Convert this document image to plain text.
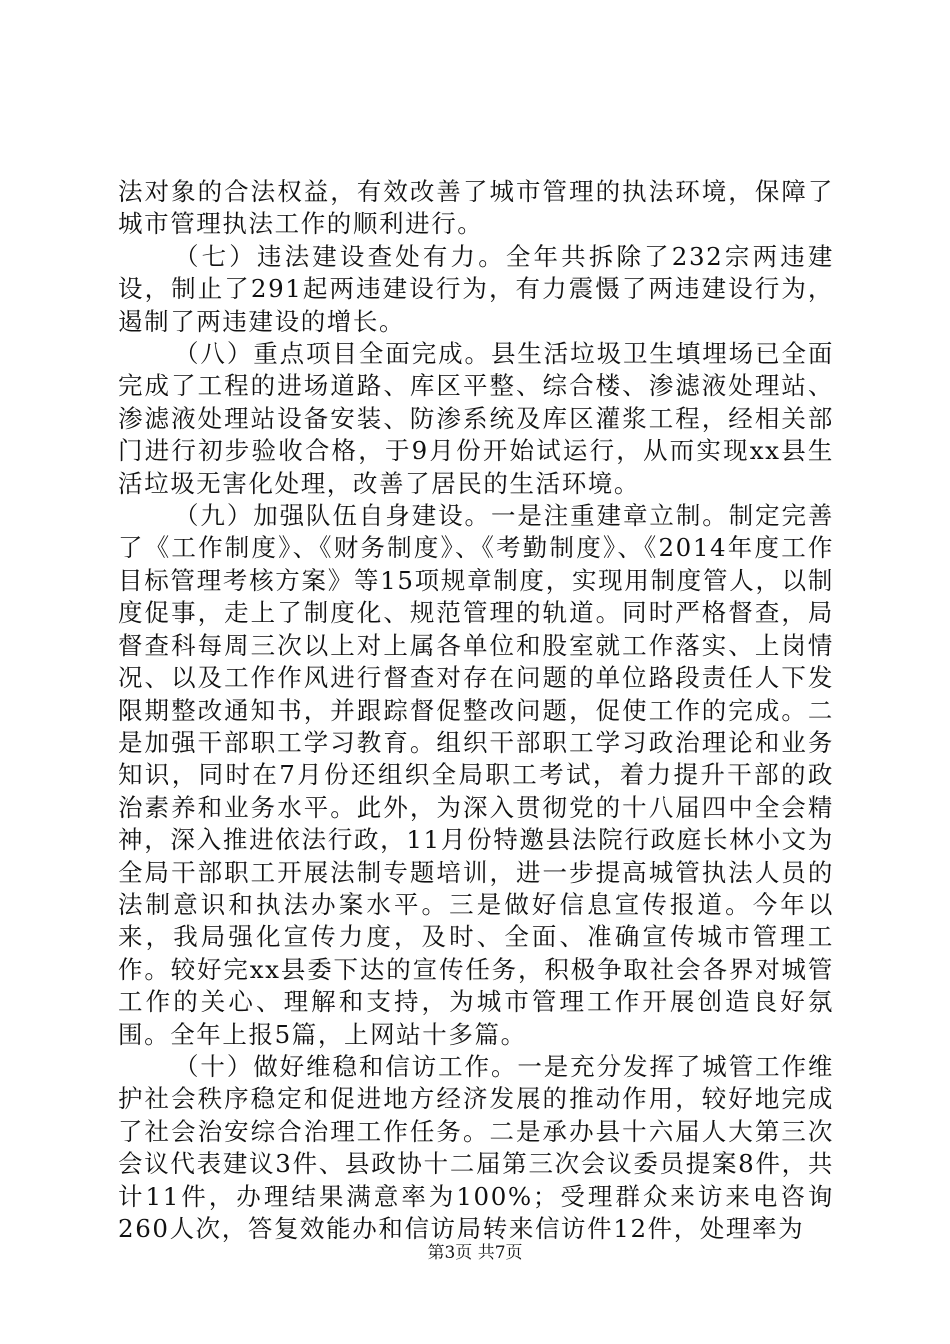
法对象的合法权益，有效改善了城市管理的执法环境，保障了城市管理执法工作的顺利进行。

（七）违法建设查处有力。全年共拆除了232宗两违建设，制止了291起两违建设行为，有力震慑了两违建设行为，遏制了两违建设的增长。

（八）重点项目全面完成。县生活垃圾卫生填埋场已全面完成了工程的进场道路、库区平整、综合楼、渗滤液处理站、渗滤液处理站设备安装、防渗系统及库区灌浆工程，经相关部门进行初步验收合格，于9月份开始试运行，从而实现xx县生活垃圾无害化处理，改善了居民的生活环境。

（九）加强队伍自身建设。一是注重建章立制。制定完善了《工作制度》、《财务制度》、《考勤制度》、《2014年度工作目标管理考核方案》等15项规章制度，实现用制度管人，以制度促事，走上了制度化、规范管理的轨道。同时严格督查，局督查科每周三次以上对上属各单位和股室就工作落实、上岗情况、以及工作作风进行督查对存在问题的单位路段责任人下发限期整改通知书，并跟踪督促整改问题，促使工作的完成。二是加强干部职工学习教育。组织干部职工学习政治理论和业务知识，同时在7月份还组织全局职工考试，着力提升干部的政治素养和业务水平。此外，为深入贯彻党的十八届四中全会精神，深入推进依法行政，11月份特邀县法院行政庭长林小文为全局干部职工开展法制专题培训，进一步提高城管执法人员的法制意识和执法办案水平。三是做好信息宣传报道。今年以来，我局强化宣传力度，及时、全面、准确宣传城市管理工作。较好完xx县委下达的宣传任务，积极争取社会各界对城管工作的关心、理解和支持，为城市管理工作开展创造良好氛围。全年上报5篇，上网站十多篇。

（十）做好维稳和信访工作。一是充分发挥了城管工作维护社会秩序稳定和促进地方经济发展的推动作用，较好地完成了社会治安综合治理工作任务。二是承办县十六届人大第三次会议代表建议3件、县政协十二届第三次会议委员提案8件，共计11件，办理结果满意率为100%；受理群众来访来电咨询260人次，答复效能办和信访局转来信访件12件，处理率为

第3页 共7页
